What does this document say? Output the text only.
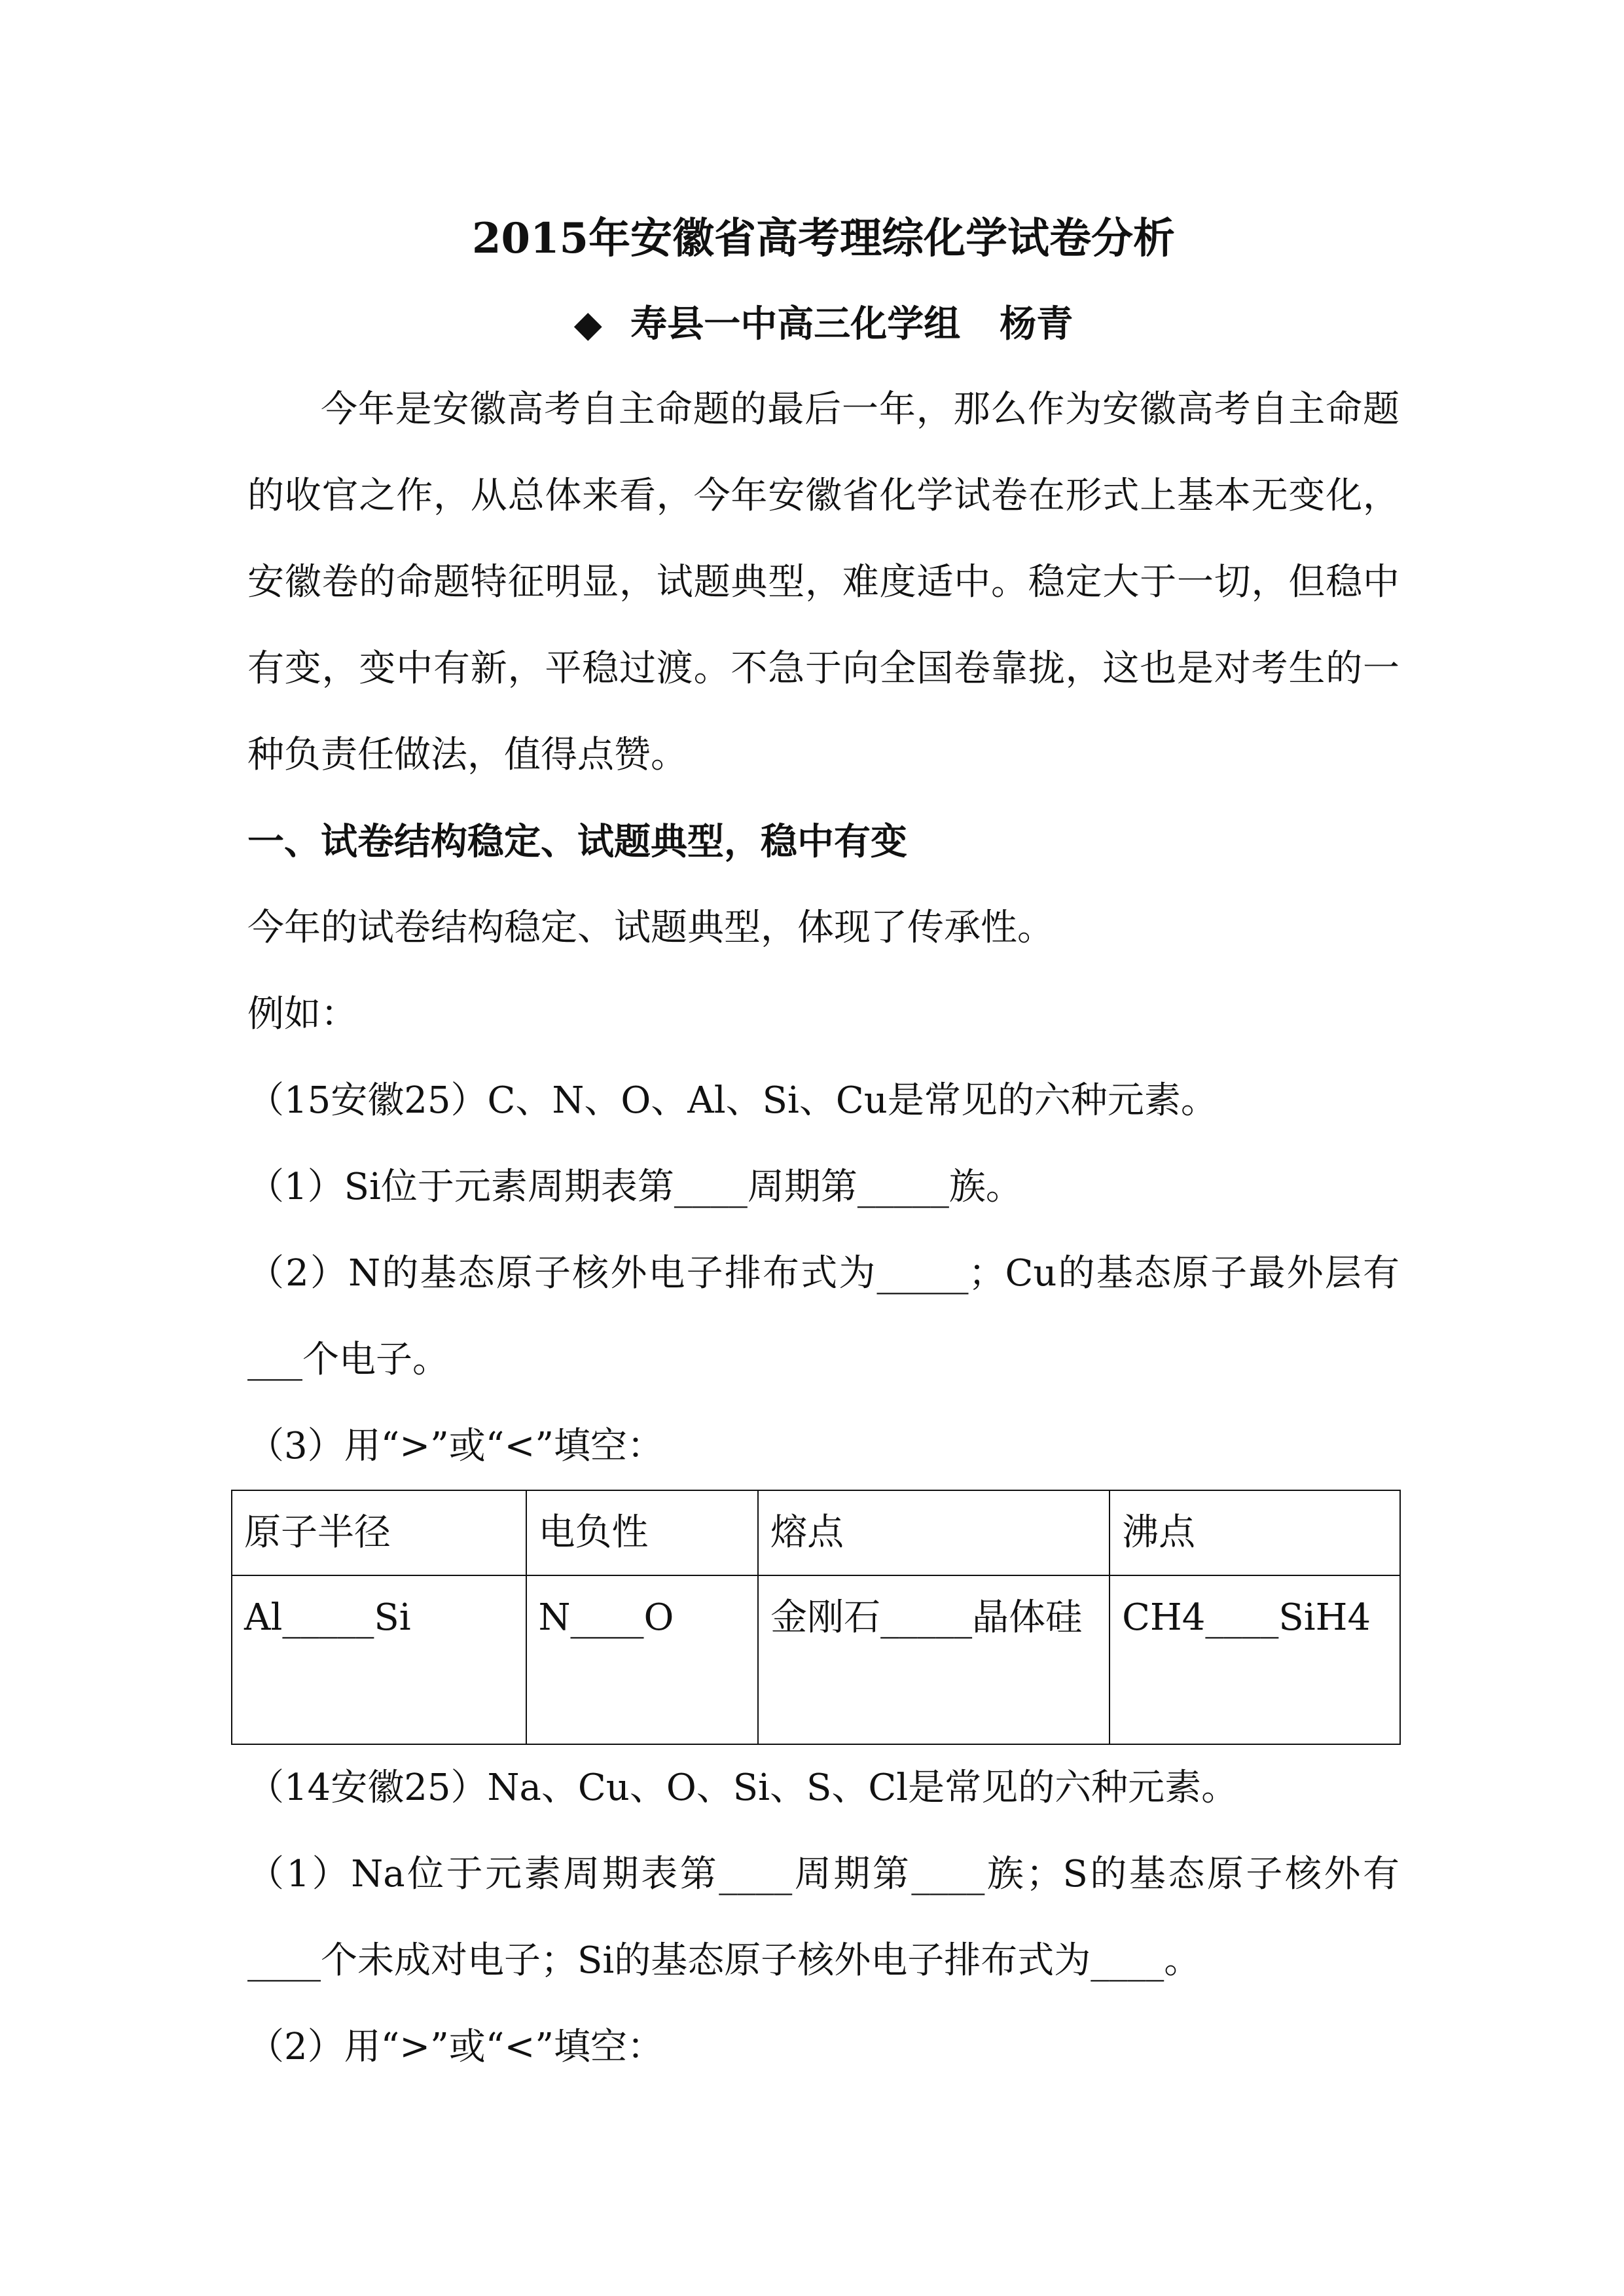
2015年安徽省高考理综化学试卷分析
◆ 寿县一中高三化学组 杨青

今年是安徽高考自主命题的最后一年，那么作为安徽高考自主命题的收官之作，从总体来看，今年安徽省化学试卷在形式上基本无变化，安徽卷的命题特征明显，试题典型，难度适中。稳定大于一切，但稳中有变，变中有新，平稳过渡。不急于向全国卷靠拢，这也是对考生的一种负责任做法，值得点赞。

一、试卷结构稳定、试题典型，稳中有变

今年的试卷结构稳定、试题典型，体现了传承性。

例如：

（15安徽25）C、N、O、Al、Si、Cu是常见的六种元素。

（1）Si位于元素周期表第____周期第_____族。

（2）N的基态原子核外电子排布式为_____；Cu的基态原子最外层有___个电子。

（3）用“>”或“<”填空：

原子半径	电负性	熔点	沸点
Al_____Si	N____O	金刚石_____晶体硅	CH4____SiH4

（14安徽25）Na、Cu、O、Si、S、Cl是常见的六种元素。

（1）Na位于元素周期表第____周期第____族；S的基态原子核外有____个未成对电子；Si的基态原子核外电子排布式为____。

（2）用“>”或“<”填空：
